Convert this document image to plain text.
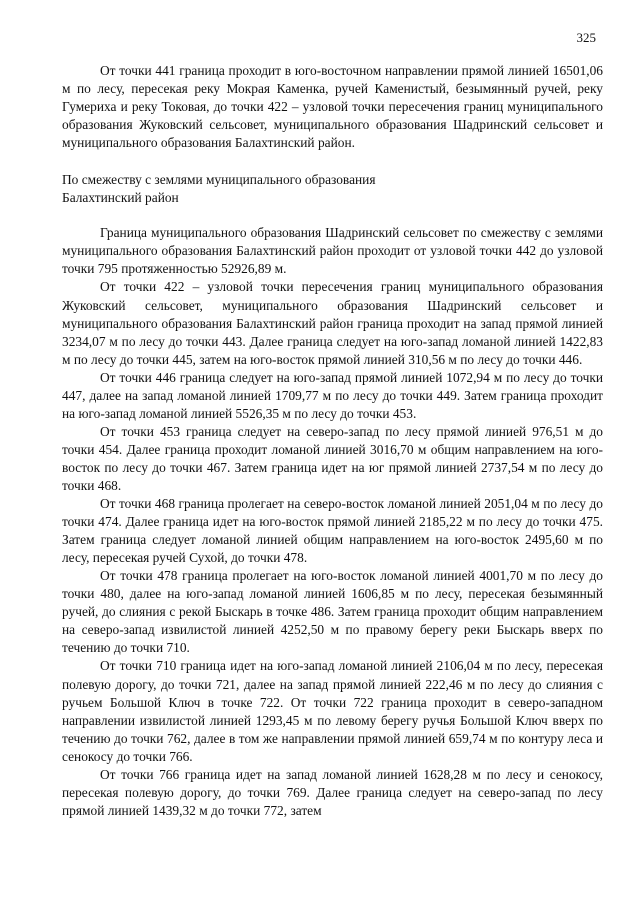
325

От точки 441 граница проходит в юго-восточном направлении прямой линией 16501,06 м по лесу, пересекая реку Мокрая Каменка, ручей Каменистый, безымянный ручей, реку Гумериха и реку Токовая, до точки 422 – узловой точки пересечения границ муниципального образования Жуковский сельсовет, муниципального образования Шадринский сельсовет и муниципального образования Балахтинский район.

По смежеству с землями муниципального образования
Балахтинский район

Граница муниципального образования Шадринский сельсовет по смежеству с землями муниципального образования Балахтинский район проходит от узловой точки 442 до узловой точки 795 протяженностью 52926,89 м.

От точки 422 – узловой точки пересечения границ муниципального образования Жуковский сельсовет, муниципального образования Шадринский сельсовет и муниципального образования Балахтинский район граница проходит на запад прямой линией 3234,07 м по лесу до точки 443. Далее граница следует на юго-запад ломаной линией 1422,83 м по лесу до точки 445, затем на юго-восток прямой линией 310,56 м по лесу до точки 446.

От точки 446 граница следует на юго-запад прямой линией 1072,94 м по лесу до точки 447, далее на запад ломаной линией 1709,77 м по лесу до точки 449. Затем граница проходит на юго-запад ломаной линией 5526,35 м по лесу до точки 453.

От точки 453 граница следует на северо-запад по лесу прямой линией 976,51 м до точки 454. Далее граница проходит ломаной линией 3016,70 м общим направлением на юго-восток по лесу до точки 467. Затем граница идет на юг прямой линией 2737,54 м по лесу до точки 468.

От точки 468 граница пролегает на северо-восток ломаной линией 2051,04 м по лесу до точки 474. Далее граница идет на юго-восток прямой линией 2185,22 м по лесу до точки 475. Затем граница следует ломаной линией общим направлением на юго-восток 2495,60 м по лесу, пересекая ручей Сухой, до точки 478.

От точки 478 граница пролегает на юго-восток ломаной линией 4001,70 м по лесу до точки 480, далее на юго-запад ломаной линией 1606,85 м по лесу, пересекая безымянный ручей, до слияния с рекой Быскарь в точке 486. Затем граница проходит общим направлением на северо-запад извилистой линией 4252,50 м по правому берегу реки Быскарь вверх по течению до точки 710.

От точки 710 граница идет на юго-запад ломаной линией 2106,04 м по лесу, пересекая полевую дорогу, до точки 721, далее на запад прямой линией 222,46 м по лесу до слияния с ручьем Большой Ключ в точке 722. От точки 722 граница проходит в северо-западном направлении извилистой линией 1293,45 м по левому берегу ручья Большой Ключ вверх по течению до точки 762, далее в том же направлении прямой линией 659,74 м по контуру леса и сенокосу до точки 766.

От точки 766 граница идет на запад ломаной линией 1628,28 м по лесу и сенокосу, пересекая полевую дорогу, до точки 769. Далее граница следует на северо-запад по лесу прямой линией 1439,32 м до точки 772, затем
